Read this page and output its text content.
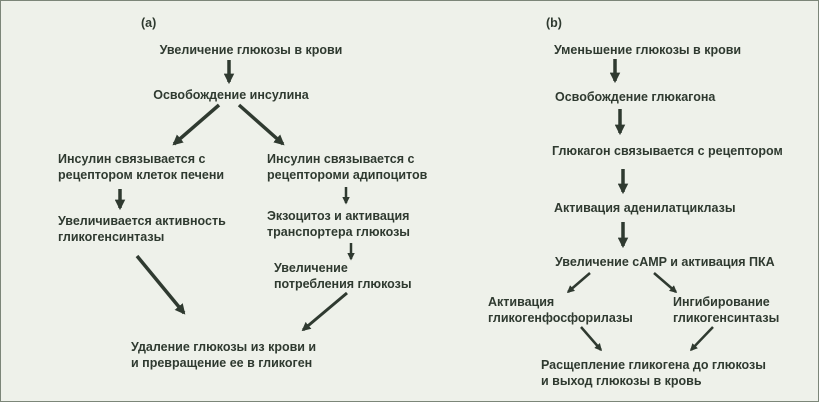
(a)
Увеличение глюкозы в крови
Освобождение инсулина
Инсулин связывается с
рецептором клеток печени
Инсулин связывается с
рецептороми адипоцитов
Увеличивается активность
гликогенсинтазы
Экзоцитоз и активация
транспортера глюкозы
Увеличение
потребления глюкозы
Удаление глюкозы из крови и
и превращение ее в гликоген
(b)
Уменьшение глюкозы в крови
Освобождение глюкагона
Глюкагон связывается с рецептором
Активация аденилатциклазы
Увеличение cAMP и активация ПКА
Активация
гликогенфосфорилазы
Ингибирование
гликогенсинтазы
Расщепление гликогена до глюкозы
и выход глюкозы в кровь
